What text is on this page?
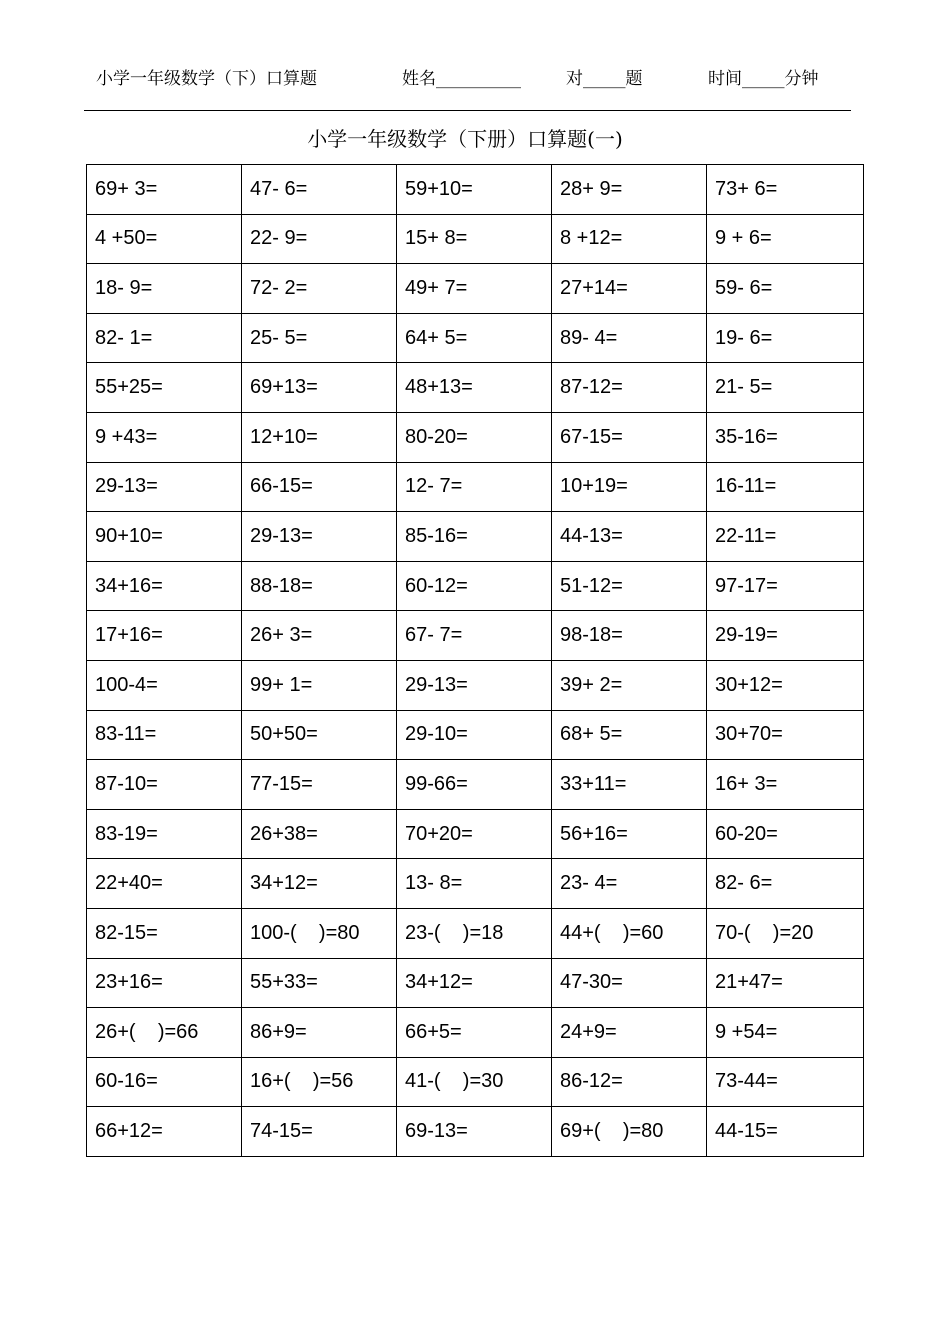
小学一年级数学（下）口算题	姓名__________	对_____题	时间_____分钟
小学一年级数学（下册）口算题(一)
69+ 3=	47- 6=	59+10=	28+ 9=	73+ 6=
4 +50=	22- 9=	15+ 8=	8 +12=	9 + 6=
18- 9=	72- 2=	49+ 7=	27+14=	59- 6=
82- 1=	25- 5=	64+ 5=	89- 4=	19- 6=
55+25=	69+13=	48+13=	87-12=	21- 5=
9 +43=	12+10=	80-20=	67-15=	35-16=
29-13=	66-15=	12- 7=	10+19=	16-11=
90+10=	29-13=	85-16=	44-13=	22-11=
34+16=	88-18=	60-12=	51-12=	97-17=
17+16=	26+ 3=	67- 7=	98-18=	29-19=
100-4=	99+ 1=	29-13=	39+ 2=	30+12=
83-11=	50+50=	29-10=	68+ 5=	30+70=
87-10=	77-15=	99-66=	33+11=	16+ 3=
83-19=	26+38=	70+20=	56+16=	60-20=
22+40=	34+12=	13- 8=	23- 4=	82- 6=
82-15=	100-(    )=80	23-(    )=18	44+(    )=60	70-(    )=20
23+16=	55+33=	34+12=	47-30=	21+47=
26+(    )=66	86+9=	66+5=	24+9=	9 +54=
60-16=	16+(    )=56	41-(    )=30	86-12=	73-44=
66+12=	74-15=	69-13=	69+(    )=80	44-15=
